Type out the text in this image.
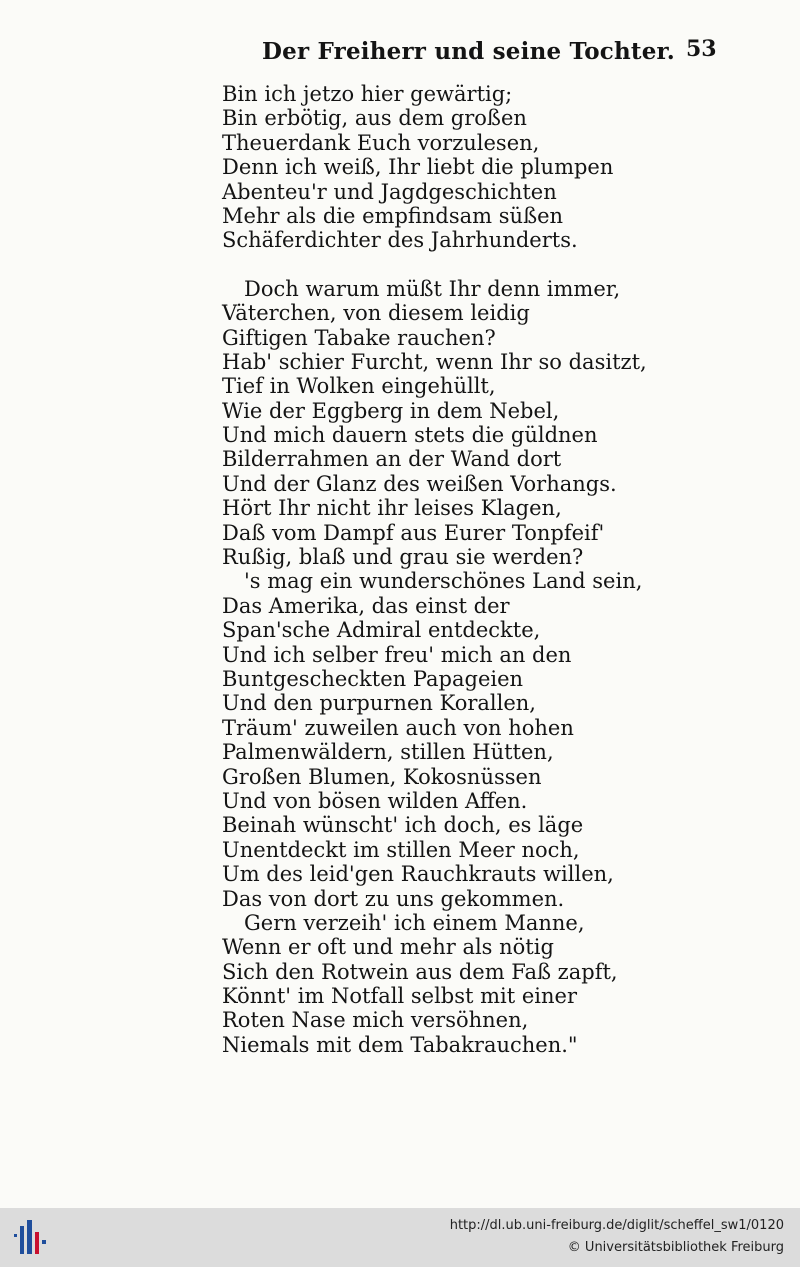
Der Freiherr und seine Tochter. 53
Bin ich jetzo hier gewärtig;
Bin erbötig, aus dem großen
Theuerdank Euch vorzulesen,
Denn ich weiß, Ihr liebt die plumpen
Abenteu'r und Jagdgeschichten
Mehr als die empfindsam süßen
Schäferdichter des Jahrhunderts.
Doch warum müßt Ihr denn immer,
Väterchen, von diesem leidig
Giftigen Tabake rauchen?
Hab' schier Furcht, wenn Ihr so dasitzt,
Tief in Wolken eingehüllt,
Wie der Eggberg in dem Nebel,
Und mich dauern stets die güldnen
Bilderrahmen an der Wand dort
Und der Glanz des weißen Vorhangs.
Hört Ihr nicht ihr leises Klagen,
Daß vom Dampf aus Eurer Tonpfeif'
Rußig, blaß und grau sie werden?
's mag ein wunderschönes Land sein,
Das Amerika, das einst der
Span'sche Admiral entdeckte,
Und ich selber freu' mich an den
Buntgescheckten Papageien
Und den purpurnen Korallen,
Träum' zuweilen auch von hohen
Palmenwäldern, stillen Hütten,
Großen Blumen, Kokosnüssen
Und von bösen wilden Affen.
Beinah wünscht' ich doch, es läge
Unentdeckt im stillen Meer noch,
Um des leid'gen Rauchkrauts willen,
Das von dort zu uns gekommen.
Gern verzeih' ich einem Manne,
Wenn er oft und mehr als nötig
Sich den Rotwein aus dem Faß zapft,
Könnt' im Notfall selbst mit einer
Roten Nase mich versöhnen,
Niemals mit dem Tabakrauchen."
http://dl.ub.uni-freiburg.de/diglit/scheffel_sw1/0120
© Universitätsbibliothek Freiburg
